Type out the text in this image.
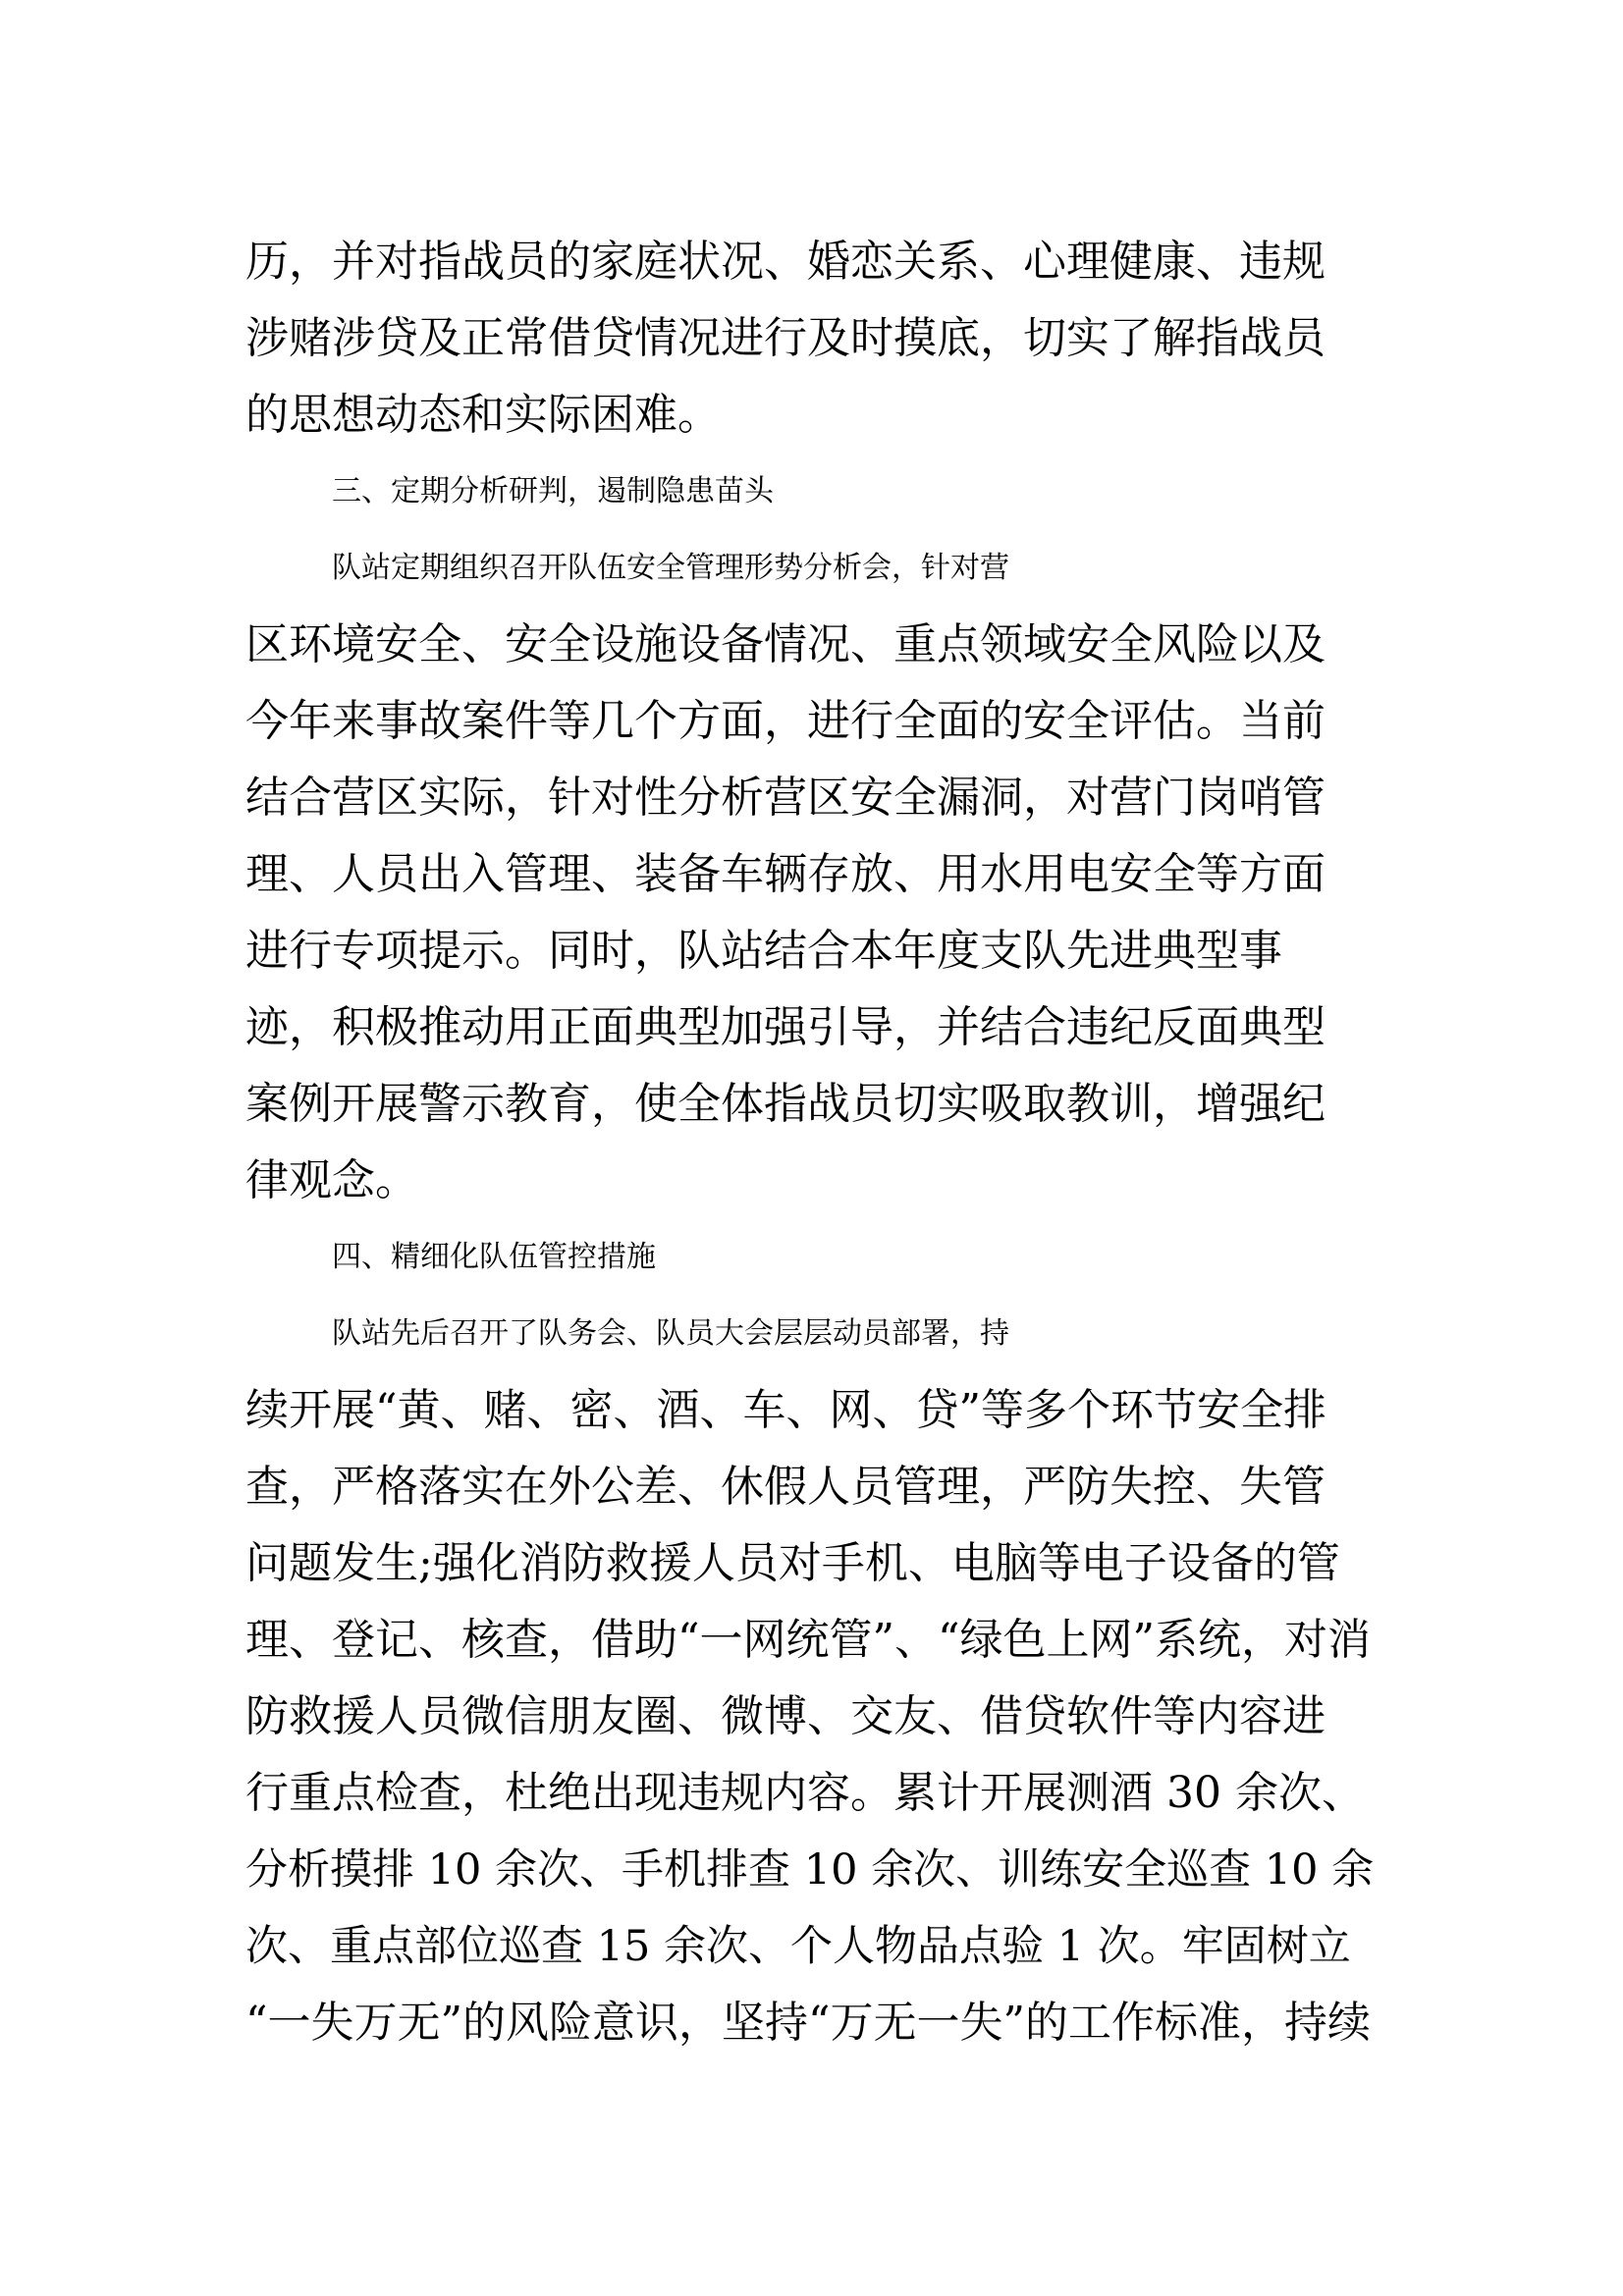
历，并对指战员的家庭状况、婚恋关系、心理健康、违规

涉赌涉贷及正常借贷情况进行及时摸底，切实了解指战员

的思想动态和实际困难。

三、定期分析研判，遏制隐患苗头

队站定期组织召开队伍安全管理形势分析会，针对营

区环境安全、安全设施设备情况、重点领域安全风险以及

今年来事故案件等几个方面，进行全面的安全评估。当前

结合营区实际，针对性分析营区安全漏洞，对营门岗哨管

理、人员出入管理、装备车辆存放、用水用电安全等方面

进行专项提示。同时，队站结合本年度支队先进典型事

迹，积极推动用正面典型加强引导，并结合违纪反面典型

案例开展警示教育，使全体指战员切实吸取教训，增强纪

律观念。

四、精细化队伍管控措施

队站先后召开了队务会、队员大会层层动员部署，持

续开展“黄、赌、密、酒、车、网、贷”等多个环节安全排

查，严格落实在外公差、休假人员管理，严防失控、失管

问题发生;强化消防救援人员对手机、电脑等电子设备的管

理、登记、核查，借助“一网统管”、“绿色上网”系统，对消

防救援人员微信朋友圈、微博、交友、借贷软件等内容进

行重点检查，杜绝出现违规内容。累计开展测酒 30 余次、

分析摸排 10 余次、手机排查 10 余次、训练安全巡查 10 余

次、重点部位巡查 15 余次、个人物品点验 1 次。牢固树立

“一失万无”的风险意识，坚持“万无一失”的工作标准，持续
